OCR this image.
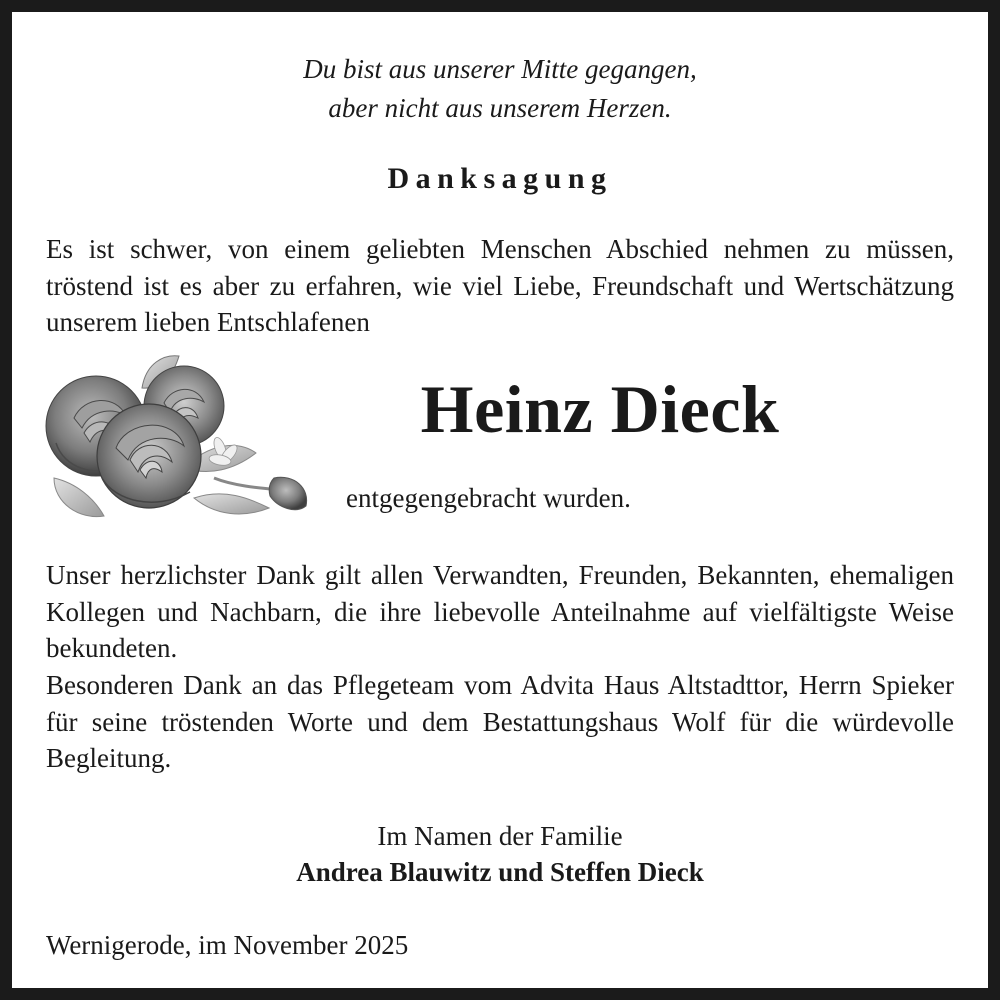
Du bist aus unserer Mitte gegangen,
aber nicht aus unserem Herzen.
Danksagung
Es ist schwer, von einem geliebten Menschen Abschied nehmen zu müssen, tröstend ist es aber zu erfahren, wie viel Liebe, Freundschaft und Wertschätzung unserem lieben Entschlafenen
Heinz Dieck
entgegengebracht wurden.
Unser herzlichster Dank gilt allen Verwandten, Freunden, Bekannten, ehemaligen Kollegen und Nachbarn, die ihre liebevolle Anteilnahme auf vielfältigste Weise bekundeten.
Besonderen Dank an das Pflegeteam vom Advita Haus Altstadttor, Herrn Spieker für seine tröstenden Worte und dem Bestattungshaus Wolf für die würdevolle Begleitung.
Im Namen der Familie
Andrea Blauwitz und Steffen Dieck
Wernigerode, im November 2025
